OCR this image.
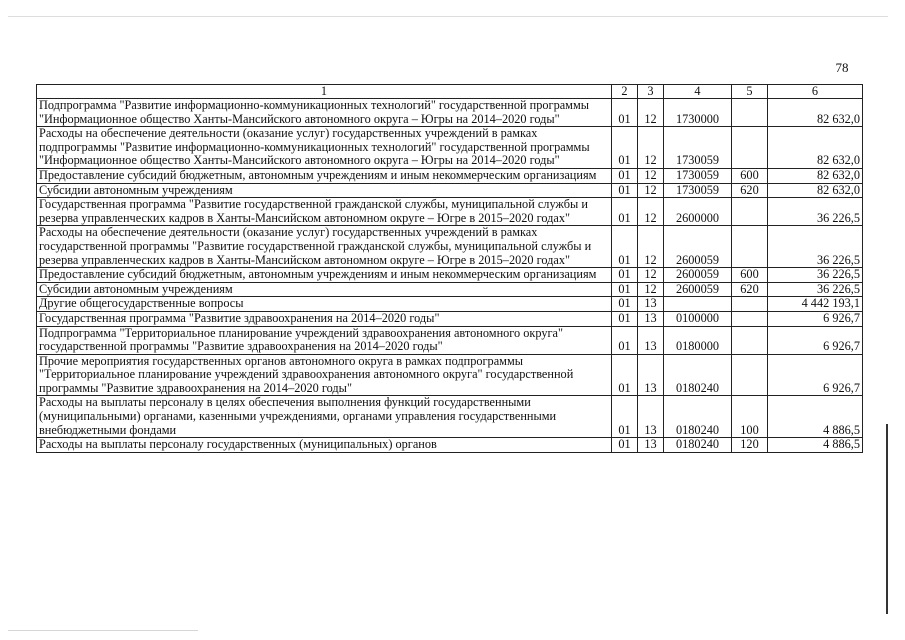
78
1	2	3	4	5	6
Подпрограмма "Развитие информационно-коммуникационных технологий" государственной программы "Информационное общество Ханты-Мансийского автономного округа – Югры на 2014–2020 годы"	01	12	1730000		82 632,0
Расходы на обеспечение деятельности (оказание услуг) государственных учреждений в рамках подпрограммы "Развитие информационно-коммуникационных технологий" государственной программы "Информационное общество Ханты-Мансийского автономного округа – Югры на 2014–2020 годы"	01	12	1730059		82 632,0
Предоставление субсидий бюджетным, автономным учреждениям и иным некоммерческим организациям	01	12	1730059	600	82 632,0
Субсидии автономным учреждениям	01	12	1730059	620	82 632,0
Государственная программа "Развитие государственной гражданской службы, муниципальной службы и резерва управленческих кадров в Ханты-Мансийском автономном округе – Югре в 2015–2020 годах"	01	12	2600000		36 226,5
Расходы на обеспечение деятельности (оказание услуг) государственных учреждений в рамках государственной программы "Развитие государственной гражданской службы, муниципальной службы и резерва управленческих кадров в Ханты-Мансийском автономном округе – Югре в 2015–2020 годах"	01	12	2600059		36 226,5
Предоставление субсидий бюджетным, автономным учреждениям и иным некоммерческим организациям	01	12	2600059	600	36 226,5
Субсидии автономным учреждениям	01	12	2600059	620	36 226,5
Другие общегосударственные вопросы	01	13			4 442 193,1
Государственная программа "Развитие здравоохранения на 2014–2020 годы"	01	13	0100000		6 926,7
Подпрограмма "Территориальное планирование учреждений здравоохранения автономного округа" государственной программы "Развитие здравоохранения на 2014–2020 годы"	01	13	0180000		6 926,7
Прочие мероприятия государственных органов автономного округа в рамках подпрограммы "Территориальное планирование учреждений здравоохранения автономного округа" государственной программы "Развитие здравоохранения на 2014–2020 годы"	01	13	0180240		6 926,7
Расходы на выплаты персоналу в целях обеспечения выполнения функций государственными (муниципальными) органами, казенными учреждениями, органами управления государственными внебюджетными фондами	01	13	0180240	100	4 886,5
Расходы на выплаты персоналу государственных (муниципальных) органов	01	13	0180240	120	4 886,5
